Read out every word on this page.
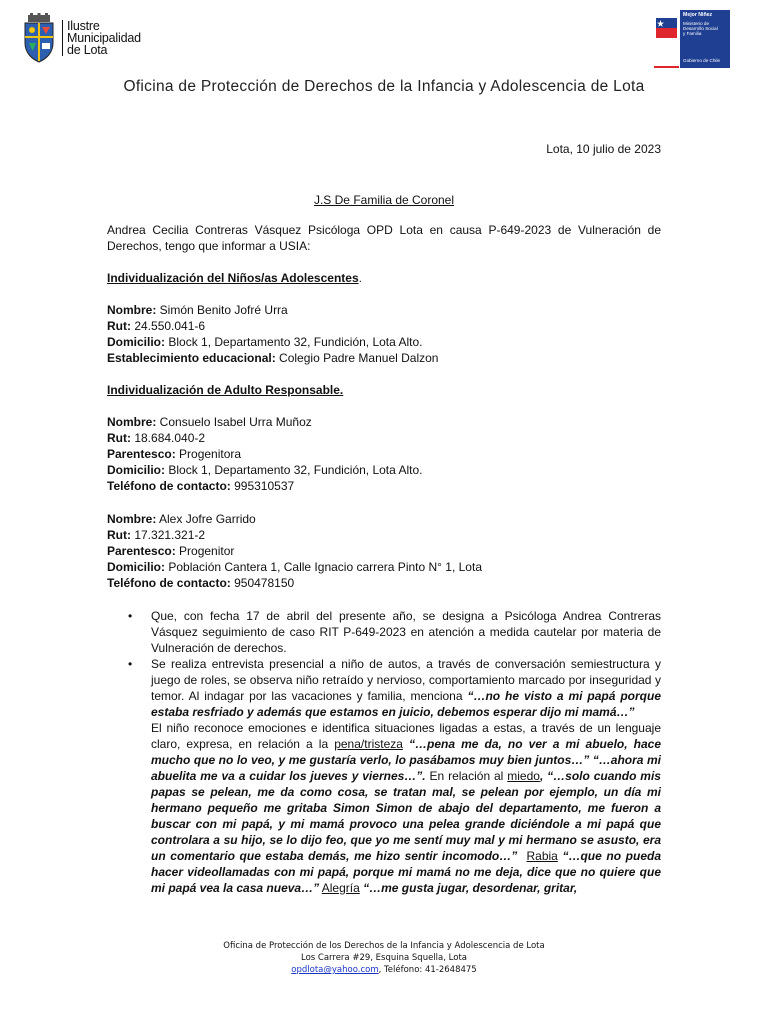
Ilustre
Municipalidad
de Lota
Mejor Niñez
Ministerio de
Desarrollo Social
y Familia
Gobierno de Chile
Oficina de Protección de Derechos de la Infancia y Adolescencia de Lota
Lota, 10 julio de 2023
J.S De Familia de Coronel
Andrea Cecilia Contreras Vásquez Psicóloga OPD Lota en causa P-649-2023 de Vulneración de Derechos, tengo que informar a USIA:
Individualización del Niños/as Adolescentes.
Nombre: Simón Benito Jofré Urra
Rut: 24.550.041-6
Domicilio: Block 1, Departamento 32, Fundición, Lota Alto.
Establecimiento educacional: Colegio Padre Manuel Dalzon
Individualización de Adulto Responsable.
Nombre: Consuelo Isabel Urra Muñoz
Rut: 18.684.040-2
Parentesco: Progenitora
Domicilio: Block 1, Departamento 32, Fundición, Lota Alto.
Teléfono de contacto: 995310537
Nombre: Alex Jofre Garrido
Rut: 17.321.321-2
Parentesco: Progenitor
Domicilio: Población Cantera 1, Calle Ignacio carrera Pinto N° 1, Lota
Teléfono de contacto: 950478150
• Que, con fecha 17 de abril del presente año, se designa a Psicóloga Andrea Contreras Vásquez seguimiento de caso RIT P-649-2023 en atención a medida cautelar por materia de Vulneración de derechos.
• Se realiza entrevista presencial a niño de autos, a través de conversación semiestructura y juego de roles, se observa niño retraído y nervioso, comportamiento marcado por inseguridad y temor. Al indagar por las vacaciones y familia, menciona “…no he visto a mi papá porque estaba resfriado y además que estamos en juicio, debemos esperar dijo mi mamá…”
El niño reconoce emociones e identifica situaciones ligadas a estas, a través de un lenguaje claro, expresa, en relación a la pena/tristeza “…pena me da, no ver a mi abuelo, hace mucho que no lo veo, y me gustaría verlo, lo pasábamos muy bien juntos…” “…ahora mi abuelita me va a cuidar los jueves y viernes…”. En relación al miedo, “…solo cuando mis papas se pelean, me da como cosa, se tratan mal, se pelean por ejemplo, un día mi hermano pequeño me gritaba Simon Simon de abajo del departamento, me fueron a buscar con mi papá, y mi mamá provoco una pelea grande diciéndole a mi papá que controlara a su hijo, se lo dijo feo, que yo me sentí muy mal y mi hermano se asusto, era un comentario que estaba demás, me hizo sentir incomodo…” Rabia “…que no pueda hacer videollamadas con mi papá, porque mi mamá no me deja, dice que no quiere que mi papá vea la casa nueva…” Alegría “…me gusta jugar, desordenar, gritar,
Oficina de Protección de los Derechos de la Infancia y Adolescencia de Lota
Los Carrera #29, Esquina Squella, Lota
opdlota@yahoo.com, Teléfono: 41-2648475
